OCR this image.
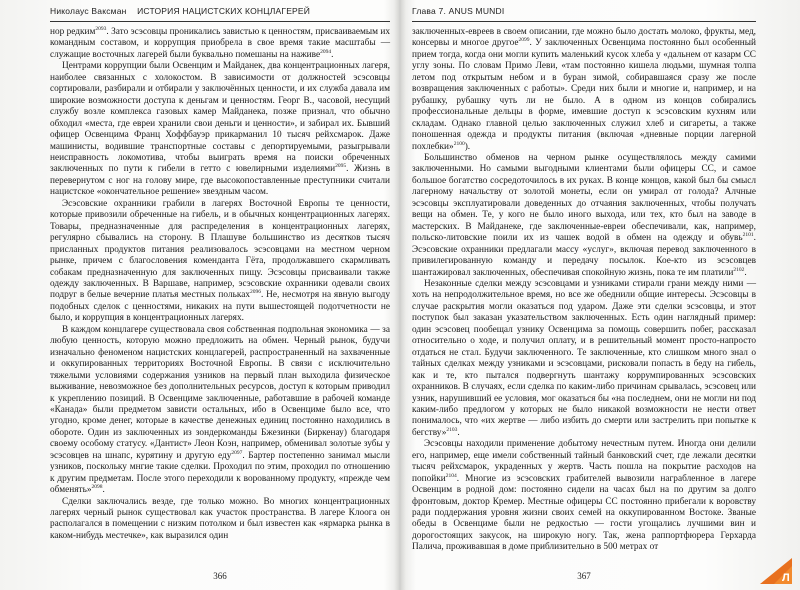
Николаус Ваксман ИСТОРИЯ НАЦИСТСКИХ КОНЦЛАГЕРЕЙ

нор редким$^{2093}$. Зато эсэсовцы проникались завистью к ценностям, присваиваемым их командным составом, и коррупция приобрела в свое время такие масштабы — служащие восточных лагерей были буквально помешаны на наживе$^{2094}$.

Центрами коррупции были Освенцим и Майданек, два концентрационных лагеря, наиболее связанных с холокостом. В зависимости от должностей эсэсовцы сортировали, разбирали и отбирали у заключённых ценности, и их служба давала им широкие возможности доступа к деньгам и ценностям. Георг В., часовой, несущий службу возле комплекса газовых камер Майданека, позже признал, что обычно обходил «места, где евреи хранили свои деньги и ценности», и забирал их. Бывший офицер Освенцима Франц Хоффбауэр прикарманил 10 тысяч рейхсмарок. Даже машинисты, водившие транспортные составы с депортируемыми, разыгрывали неисправность локомотива, чтобы выиграть время на поиски обреченных заключенных по пути к гибели в гетто с ювелирными изделиями$^{2095}$. Жизнь в перевернутом с ног на голову мире, где высокопоставленные преступники считали нацистское «окончательное решение» звездным часом.

Эсэсовские охранники грабили в лагерях Восточной Европы те ценности, которые привозили обреченные на гибель, и в обычных концентрационных лагерях. Товары, предназначенные для распределения в концентрационных лагерях, регулярно сбывались на сторону. В Плашуве большинство из десятков тысяч присланных продуктов питания реализовалось эсэсовцами на местном черном рынке, причем с благословения коменданта Гёта, продолжавшего скармливать собакам предназначенную для заключенных пищу. Эсэсовцы присваивали также одежду заключенных. В Варшаве, например, эсэсовские охранники одевали своих подруг в белые вечерние платья местных польках$^{2096}$. Не, несмотря на явную выгоду подобных сделок с ценностями, никаких на пути вышестоящей подотчетности не было, и коррупция в концентрационных лагерях.

В каждом концлагере существовала своя собственная подпольная экономика — за любую ценность, которую можно предложить на обмен. Черный рынок, будучи изначально феноменом нацистских концлагерей, распространенный на захваченные и оккупированных территориях Восточной Европы. В связи с исключительно тяжелыми условиями содержания узников на первый план выходила физическое выживание, невозможное без дополнительных ресурсов, доступ к которым приводил к укреплению позиций. В Освенциме заключенные, работавшие в рабочей команде «Канада» были предметом зависти остальных, ибо в Освенциме было все, что угодно, кроме денег, которые в качестве денежных единиц постоянно находились в обороте. Один из заключенных из зондеркоманды Бжезинки (Биркенау) благодаря своему особому статусу. «Дантист» Леон Коэн, например, обменивал золотые зубы у эсэсовцев на шнапс, курятину и другую еду$^{2097}$. Бартер постепенно занимал мысли узников, поскольку мнгие такие сделки. Проходил по этим, проходил по отношению к другим предметам. После этого переходили к ворованному продукту, «прежде чем обменять»$^{2098}$.

Сделки заключались везде, где только можно. Во многих концентрационных лагерях черный рынок существовал как участок пространства. В лагере Клоога он располагался в помещении с низким потолком и был известен как «ярмарка рынка в каком-нибудь местечке», как выразился один

366
Глава 7. ANUS MUNDI

заключенных-евреев в своем описании, где можно было достать молоко, фрукты, мед, консервы и многое другое$^{2099}$. У заключенных Освенцима постоянно был особенный прием тогда, когда они могли купить маленький кусок хлеба у «дальнем от казарм СС углу зоны. По словам Примо Леви, «там постоянно кишела людьми, шумная толпа летом под открытым небом и в буран зимой, собиравшаяся сразу же после возвращения заключенных с работы». Среди них были и многие и, например, и на рубашку, рубашку чуть ли не было. А в одном из концов собирались профессиональные дельцы в форме, имевшие доступ к эсэсовским кухням или складам. Однако главной целью заключенных служил хлеб и сигареты, а также поношенная одежда и продукты питания (включая «дневные порции лагерной похлебки»$^{2100}$).

Большинство обменов на черном рынке осуществлялось между самими заключенными. Но самыми выгодными клиентами были офицеры СС, и самое большое богатство сосредоточилось в их руках. В конце концов, какой был бы смысл лагерному начальству от золотой монеты, если он умирал от голода? Алчные эсэсовцы эксплуатировали доведенных до отчаяния заключенных, чтобы получать вещи на обмен. Те, у кого не было иного выхода, или тех, кто был на заводе в мастерских. В Майданеке, где заключенные-евреи обеспечивали, как, например, польско-литовские поили их из чашек водой в обмен на одежду и обувь$^{2101}$. Эсэсовские охранники предлагали массу «услуг», включая перевод заключенного в привилегированную команду и передачу посылок. Кое-кто из эсэсовцев шантажировал заключенных, обеспечивая спокойную жизнь, пока те им платили$^{2102}$.

Незаконные сделки между эсэсовцами и узниками стирали грани между ними — хоть на непродолжительное время, но все же обеднили общие интересы. Эсэсовцы в случае раскрытия могли оказаться под ударом. Даже эти сделки эсэсовцы, и этот поступок был заказан указательством заключенных. Есть один наглядный пример: один эсэсовец пообещал узнику Освенцима за помощь совершить побег, рассказал относительно о ходе, и получил оплату, и в решительный момент просто-напросто отдаться не стал. Будучи заключенного. Те заключенные, кто слишком много знал о тайных сделках между узниками и эсэсовцами, рисковали попасть в беду на гибель, как и те, кто пытался подвергнуть шантажу коррумпированных эсэсовских охранников. В случаях, если сделка по каким-либо причинам срывалась, эсэсовец или узник, нарушивший ее условия, мог оказаться бы «на последнем, они не могли ни под каким-либо предлогом у которых не было никакой возможности не нести ответ понималось, что «их жертве — либо избить до смерти или застрелить при попытке к бегству»$^{2103}$.

Эсэсовцы находили применение добытому нечестным путем. Иногда они делили его, например, еще имели собственный тайный банковский счет, где лежали десятки тысяч рейхсмарок, украденных у жертв. Часть пошла на покрытие расходов на попойки$^{2104}$. Многие из эсэсовских грабителей вывозили награбленное в лагере Освенцим в родной дом: постоянно сидели на часах был на по другим за долго фронтовым, доктор Кремер. Местные офицеры СС постоянно прибегали к воровству ради поддержания уровня жизни своих семей на оккупированном Востоке. Званые обеды в Освенциме были не редкостью — гости угощались лучшими вин и дорогостоящих закусок, на широкую ногу. Так, жена раппортфюрера Герхарда Палича, проживавшая в доме приблизительно в 500 метрах от

367	Л
